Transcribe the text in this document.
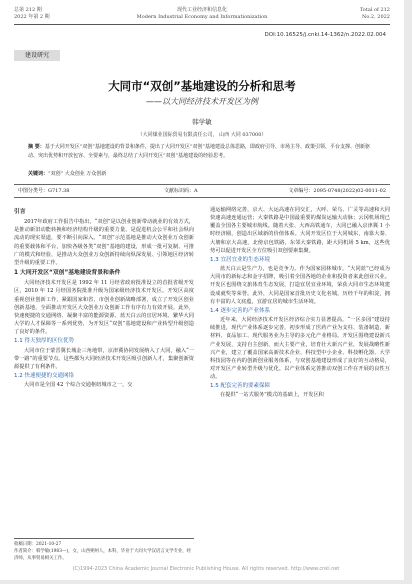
总第 212 期
2022 年第 2 期
现代工业经济和信息化
Modern Industrial Economy and Informationization
Total of 212
No.2, 2022
DOI:10.16525/j.cnki.14-1362/n.2022.02.004
建设研究
大同市“双创”基地建设的分析和思考
——以大同经济技术开发区为例
韩学敏
（大同煤业国际贸易有限责任公司， 山西 大同 037000）
摘 要：基于大同开发区“双创”基地建设的背景和条件，提出了大同开发区“双创”基地建设总体思路，即政府引导、市场主导、政策引领、平台支撑、创新驱动、突出优势和开放包容、全要素与，最终总结了大同开发区“双创”基地建设的经验思考。
关键词：“双创” 大众创业 万众创新
中图分类号：G717.38	文献标识码：A	文章编号：2095-0748(2022)02-0011-02
引言

2017年政府工作报告中指出，“双创”是以创业创新带动就业的有效方式，是推动新旧动能转换和经济结构升级的重要力量，是促进机会公平和社会纵向流动的现实渠道，要不断引向深入。“双创”示范基地是推动大众创业万众创新的重要载体和平台，加快各级各类“双创”基地的建设，形成一批可复制、可推广的模式和经验，是推动大众创业万众创新持续向纵深发展、引领地区经济转型升级的重要工作。

1 大同开发区“双创”基地建设背景和条件

大同经济技术开发区是 1992 年 11 月经省政府批准设立的首批省级开发区，2010 年 12 月经国务院批准升级为国家级经济技术开发区。开发区高度重视创业创新工作，紧跟国家和省、市创业创新战略部署，成立了开发区创业创新基地，全面推动开发区大众创业万众创新工作有序有力有效开展。此外，快速便捷的交通网络、凝聚丰富的能源资源、蓝天白云的宜居环境、繁华大同大学的人才保障等一系列优势，为开发区“双创”基地建设和产业转型升级创造了良好的条件。

1.1 得天独厚的区位优势

大同市位于蒙晋冀长城金三角地带，京津冀协同发展纳入了大同，融入“一带一路”的重要节点。这些都为大同经济技术开发区吸引创新人才，集聚创新资源提供了有利条件。

1.2 快速便捷的交通网络

大同市是全国 42 个综合交通枢纽城市之一，交

通运输网络完善，京大、大运高速在同交汇，大呼、荣乌、广灵等高速和大同快速高速连通运营；大秦铁路是中国最重要的煤炭运输大动脉；云冈机场现已覆盖全国各主要城市航线。随着大张、大西高铁通车，大同已融入京津冀 1 小时经济圈，创造出区域新的价值体系。大同开发区位于大同城东，南靠大秦、大塘和京大高速，北傍京包铁路，东邻大秦铁路，距大同机场 5 km，这些优势可以促进开发区全方位吸引双创要素集聚。

1.3 宜居宜业的生态环境

蓝天白云是生产力，也是竞争力。作为国家园林城市，“大同蓝”已经成为大同市的新标志和金字招牌，吸引着全国各地的企业和投资者来此创业兴业。开发区也围绕文旅体育生态发展，打造宜居宜业环境，荣获大同市生态环境建设成就奖等荣誉。此外，大同是国家首批历史文化名城，历经千年的积淀，拥有丰富的人文底蕴，宜游宜居的城市生活环境。

1.4 逐步完善的产业体系

近年来，大同经济技术开发区经济综合实力显著提高，“一区多园”建设持续推进，现代产业体系逐步完善，初步形成了医药产业为支柱、装备制造、新材料、食品加工、现代服务业为主导的多元化产业格局。开发区围绕建设新兴产业发展，支持自主创新，而大主要产业，培育壮大新兴产业，发展战略性新兴产业，建立了覆盖国家高新技术企业、科技型中小企业、科技孵化器、大学科技园等在内的创新创业服务体系，与双创基地建设形成了良好的互动格局，对开发区产业转型升级与优化。以产业体系完善推动双创工作在开展的良性互动。

1.5 配套完善的要素保障

在提供“一站式服务”模式的基础上，开发区积

收稿日期：2021-10-27
作者简介：韩学敏(1983—)，女，山西朔州人，本科，毕业于大同大学汉语言文学专业，经济师，从事贸易相关工作。
(C)1994-2023 China Academic Journal Electronic Publishing House. All rights reserved. http://www.cnki.net
